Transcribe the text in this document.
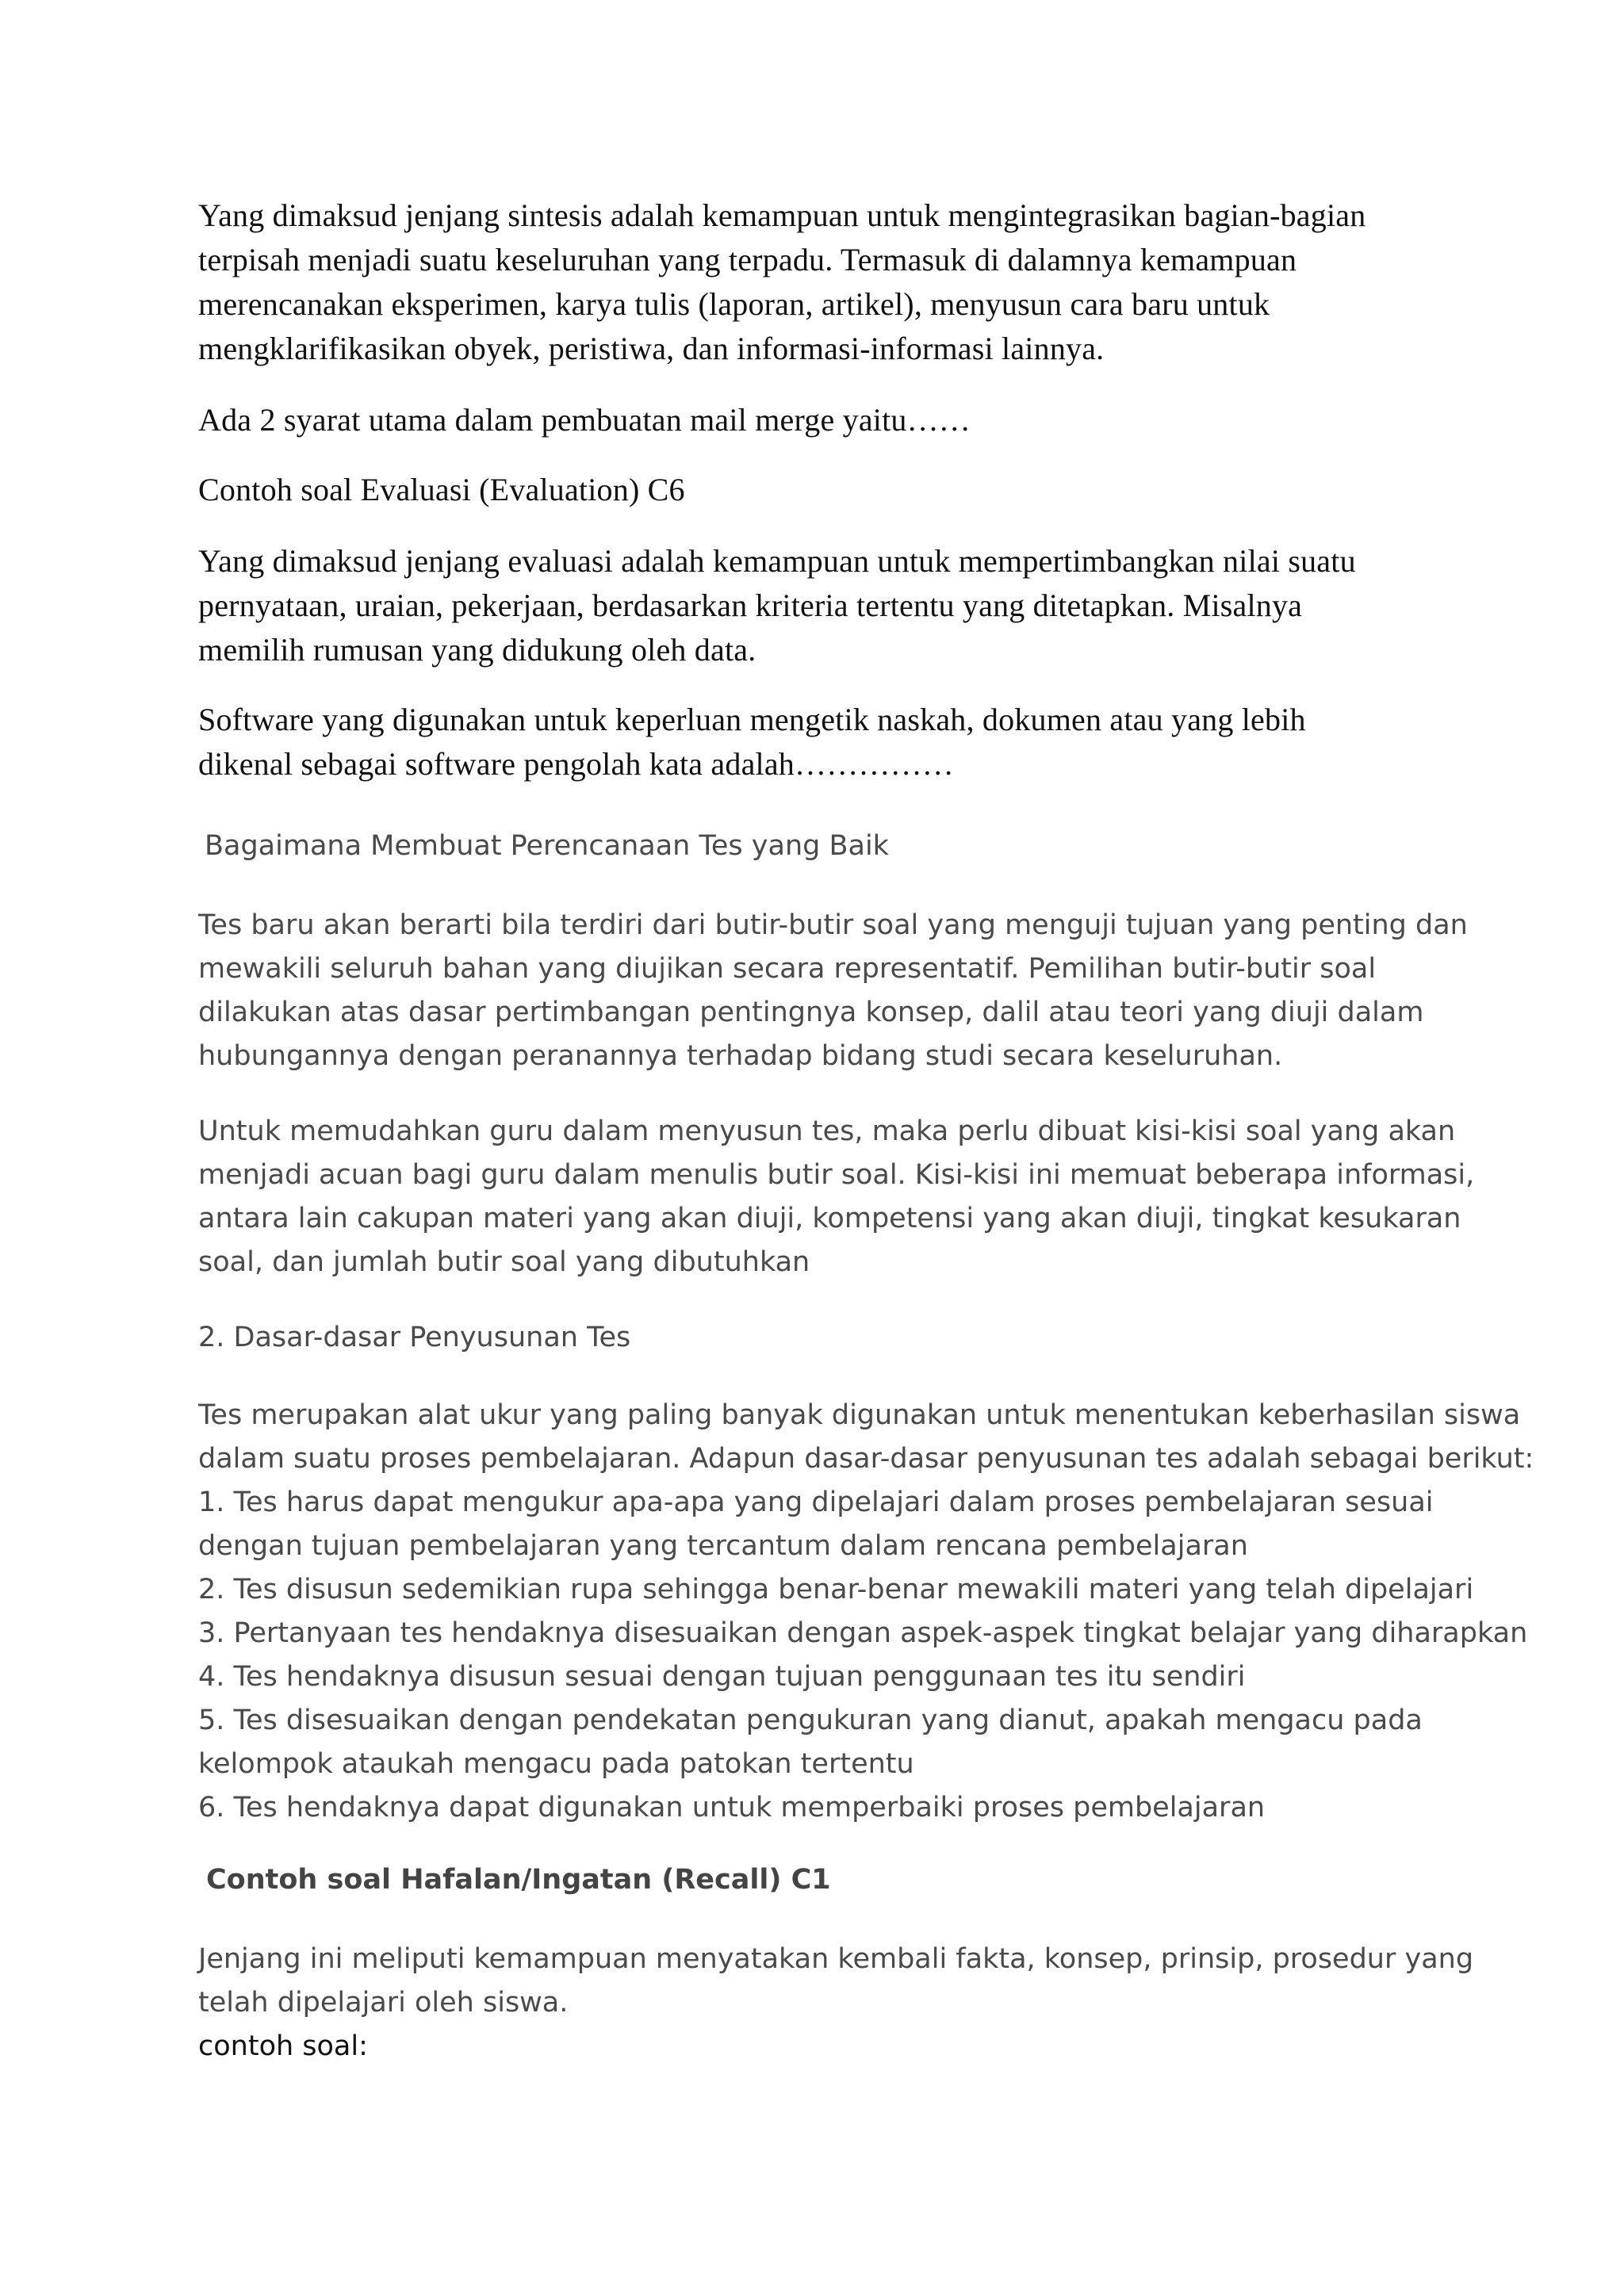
Yang dimaksud jenjang sintesis adalah kemampuan untuk mengintegrasikan bagian-bagian
terpisah menjadi suatu keseluruhan yang terpadu. Termasuk di dalamnya kemampuan
merencanakan eksperimen, karya tulis (laporan, artikel), menyusun cara baru untuk
mengklarifikasikan obyek, peristiwa, dan informasi-informasi lainnya.

Ada 2 syarat utama dalam pembuatan mail merge yaitu……

Contoh soal Evaluasi (Evaluation) C6

Yang dimaksud jenjang evaluasi adalah kemampuan untuk mempertimbangkan nilai suatu
pernyataan, uraian, pekerjaan, berdasarkan kriteria tertentu yang ditetapkan. Misalnya
memilih rumusan yang didukung oleh data.

Software yang digunakan untuk keperluan mengetik naskah, dokumen atau yang lebih
dikenal sebagai software pengolah kata adalah……………

Bagaimana Membuat Perencanaan Tes yang Baik

Tes baru akan berarti bila terdiri dari butir-butir soal yang menguji tujuan yang penting dan
mewakili seluruh bahan yang diujikan secara representatif. Pemilihan butir-butir soal
dilakukan atas dasar pertimbangan pentingnya konsep, dalil atau teori yang diuji dalam
hubungannya dengan peranannya terhadap bidang studi secara keseluruhan.

Untuk memudahkan guru dalam menyusun tes, maka perlu dibuat kisi-kisi soal yang akan
menjadi acuan bagi guru dalam menulis butir soal. Kisi-kisi ini memuat beberapa informasi,
antara lain cakupan materi yang akan diuji, kompetensi yang akan diuji, tingkat kesukaran
soal, dan jumlah butir soal yang dibutuhkan

2. Dasar-dasar Penyusunan Tes

Tes merupakan alat ukur yang paling banyak digunakan untuk menentukan keberhasilan siswa
dalam suatu proses pembelajaran. Adapun dasar-dasar penyusunan tes adalah sebagai berikut:
1. Tes harus dapat mengukur apa-apa yang dipelajari dalam proses pembelajaran sesuai
dengan tujuan pembelajaran yang tercantum dalam rencana pembelajaran
2. Tes disusun sedemikian rupa sehingga benar-benar mewakili materi yang telah dipelajari
3. Pertanyaan tes hendaknya disesuaikan dengan aspek-aspek tingkat belajar yang diharapkan
4. Tes hendaknya disusun sesuai dengan tujuan penggunaan tes itu sendiri
5. Tes disesuaikan dengan pendekatan pengukuran yang dianut, apakah mengacu pada
kelompok ataukah mengacu pada patokan tertentu
6. Tes hendaknya dapat digunakan untuk memperbaiki proses pembelajaran

Contoh soal Hafalan/Ingatan (Recall) C1

Jenjang ini meliputi kemampuan menyatakan kembali fakta, konsep, prinsip, prosedur yang
telah dipelajari oleh siswa.
contoh soal:
